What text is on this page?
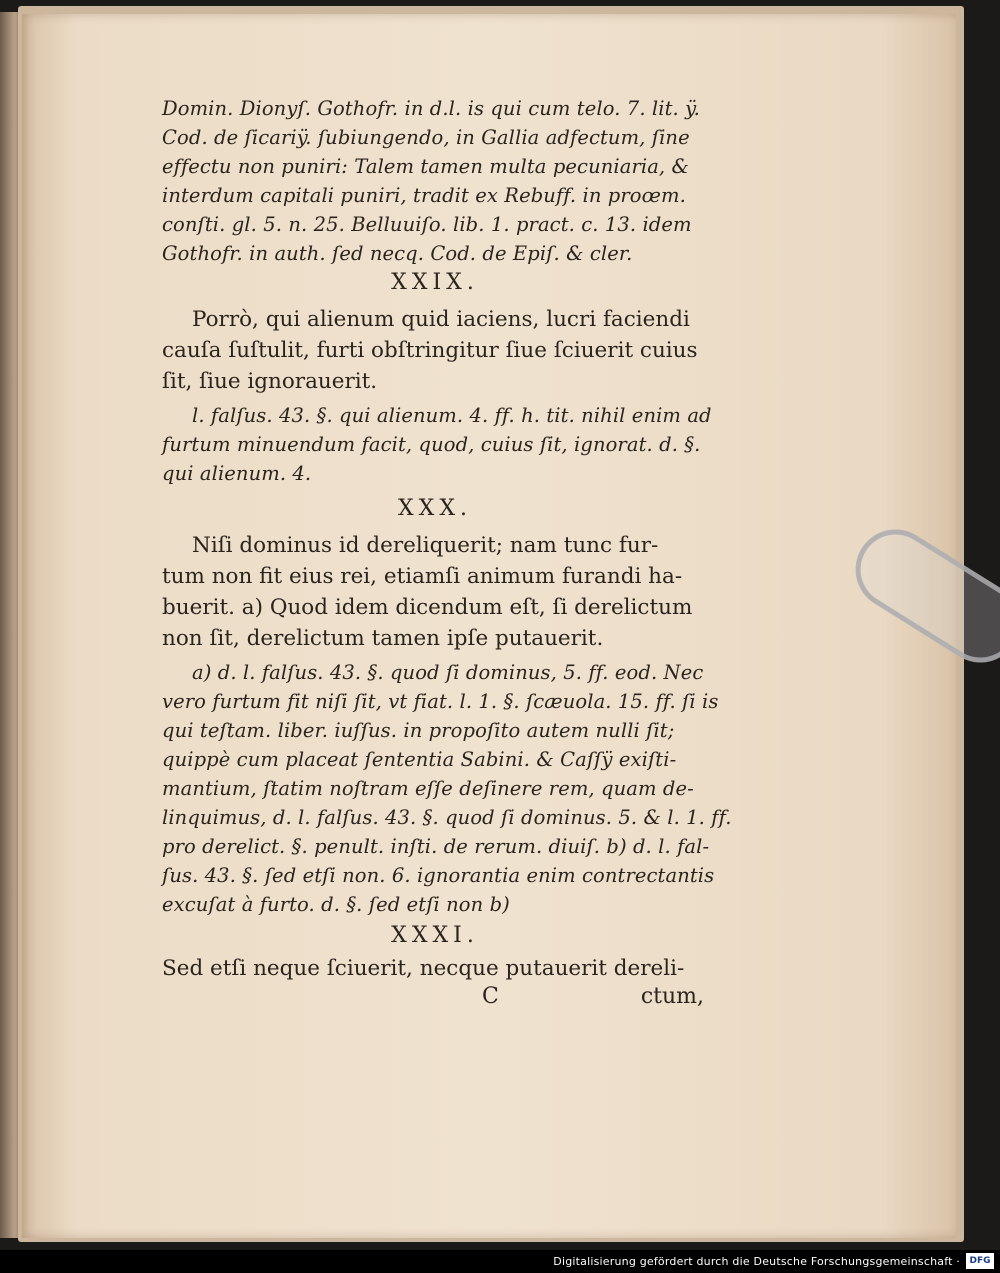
Domin. Dionyſ. Gothofr. in d.l. is qui cum telo. 7. lit. ÿ.
Cod. de ſicariÿ. ſubiungendo, in Gallia adfectum, ſine
effectu non puniri: Talem tamen multa pecuniaria, &
interdum capitali puniri, tradit ex Rebuff. in proœm.
conſti. gl. 5. n. 25. Belluuiſo. lib. 1. pract. c. 13. idem
Gothofr. in auth. ſed necq. Cod. de Epiſ. & cler.
XXIX.
Porrò, qui alienum quid iaciens, lucri faciendi
cauſa ſuſtulit, furti obſtringitur ſiue ſciuerit cuius
ſit, ſiue ignorauerit.
l. falſus. 43. §. qui alienum. 4. ff. h. tit. nihil enim ad
furtum minuendum facit, quod, cuius ſit, ignorat. d. §.
qui alienum. 4.
XXX.
Niſi dominus id dereliquerit; nam tunc fur-
tum non fit eius rei, etiamſi animum furandi ha-
buerit. a) Quod idem dicendum eſt, ſi derelictum
non ſit, derelictum tamen ipſe putauerit.
a) d. l. falſus. 43. §. quod ſi dominus, 5. ff. eod. Nec
vero furtum fit niſi ſit, vt fiat. l. 1. §. ſcæuola. 15. ff. ſi is
qui teſtam. liber. iuſſus. in propoſito autem nulli ſit;
quippè cum placeat ſententia Sabini. & Caſſÿ exiſti-
mantium, ſtatim noſtram eſſe deſinere rem, quam de-
linquimus, d. l. falſus. 43. §. quod ſi dominus. 5. & l. 1. ff.
pro derelict. §. penult. inſti. de rerum. diuiſ. b) d. l. fal-
ſus. 43. §. ſed etſi non. 6. ignorantia enim contrectantis
excuſat à furto. d. §. ſed etſi non b)
XXXI.
Sed etſi neque ſciuerit, necque putauerit dereli-
C	ctum,
Digitalisierung gefördert durch die Deutsche Forschungsgemeinschaft ·	DFG
